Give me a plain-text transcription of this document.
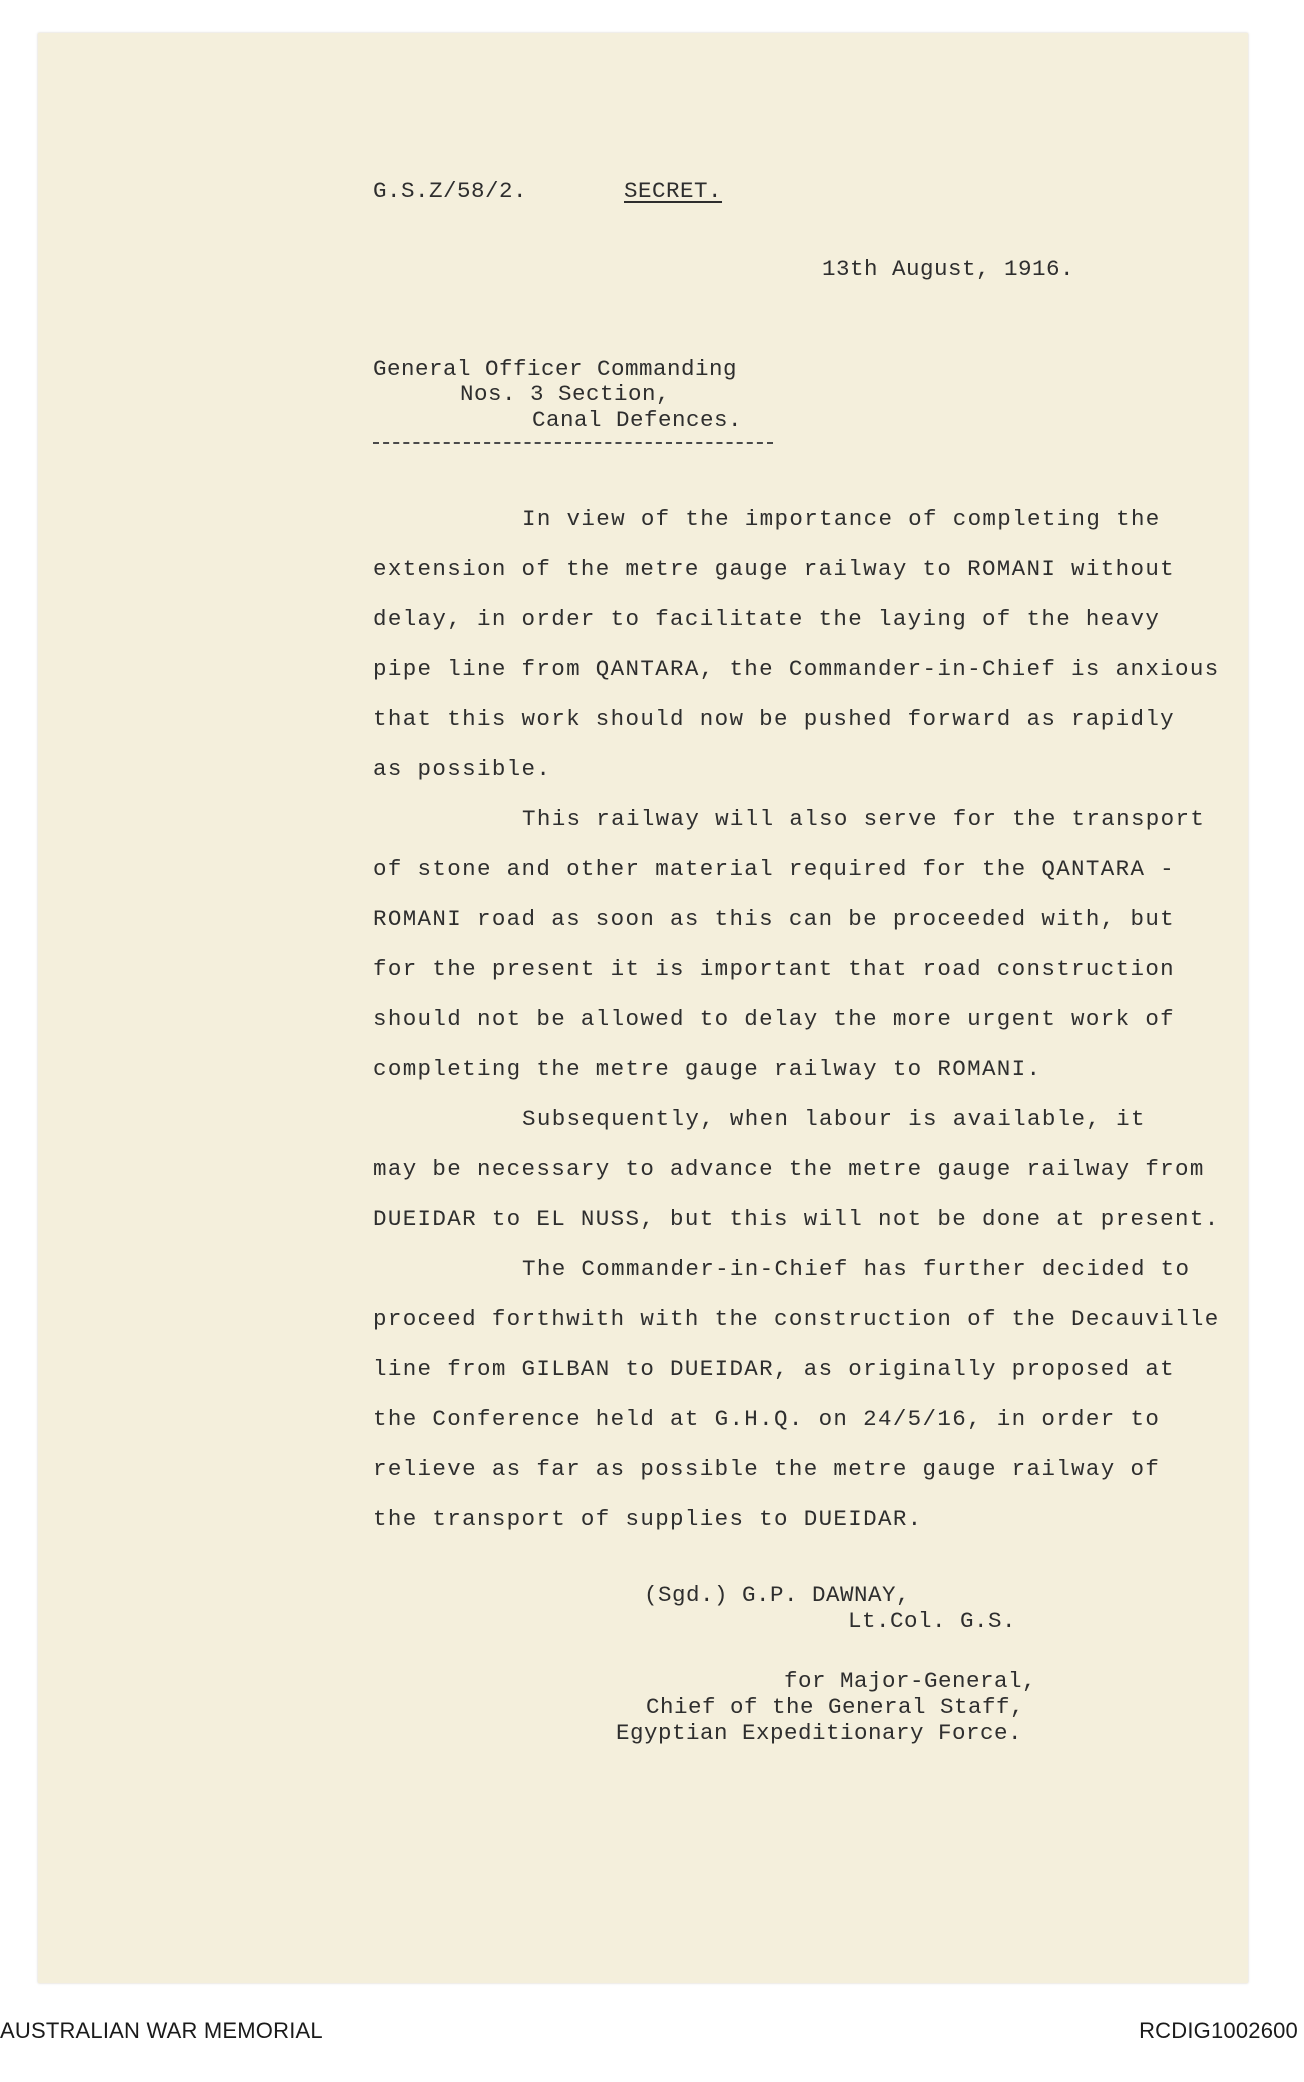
G.S.Z/58/2.	SECRET.
13th August, 1916.
General Officer Commanding
Nos. 3 Section,
Canal Defences.
In view of the importance of completing the
extension of the metre gauge railway to ROMANI without
delay, in order to facilitate the laying of the heavy
pipe line from QANTARA, the Commander-in-Chief is anxious
that this work should now be pushed forward as rapidly
as possible.
This railway will also serve for the transport
of stone and other material required for the QANTARA -
ROMANI road as soon as this can be proceeded with, but
for the present it is important that road construction
should not be allowed to delay the more urgent work of
completing the metre gauge railway to ROMANI.
Subsequently, when labour is available, it
may be necessary to advance the metre gauge railway from
DUEIDAR to EL NUSS, but this will not be done at present.
The Commander-in-Chief has further decided to
proceed forthwith with the construction of the Decauville
line from GILBAN to DUEIDAR, as originally proposed at
the Conference held at G.H.Q. on 24/5/16, in order to
relieve as far as possible the metre gauge railway of
the transport of supplies to DUEIDAR.
(Sgd.) G.P. DAWNAY,
Lt.Col. G.S.
for Major-General,
Chief of the General Staff,
Egyptian Expeditionary Force.
AUSTRALIAN WAR MEMORIAL	RCDIG1002600
